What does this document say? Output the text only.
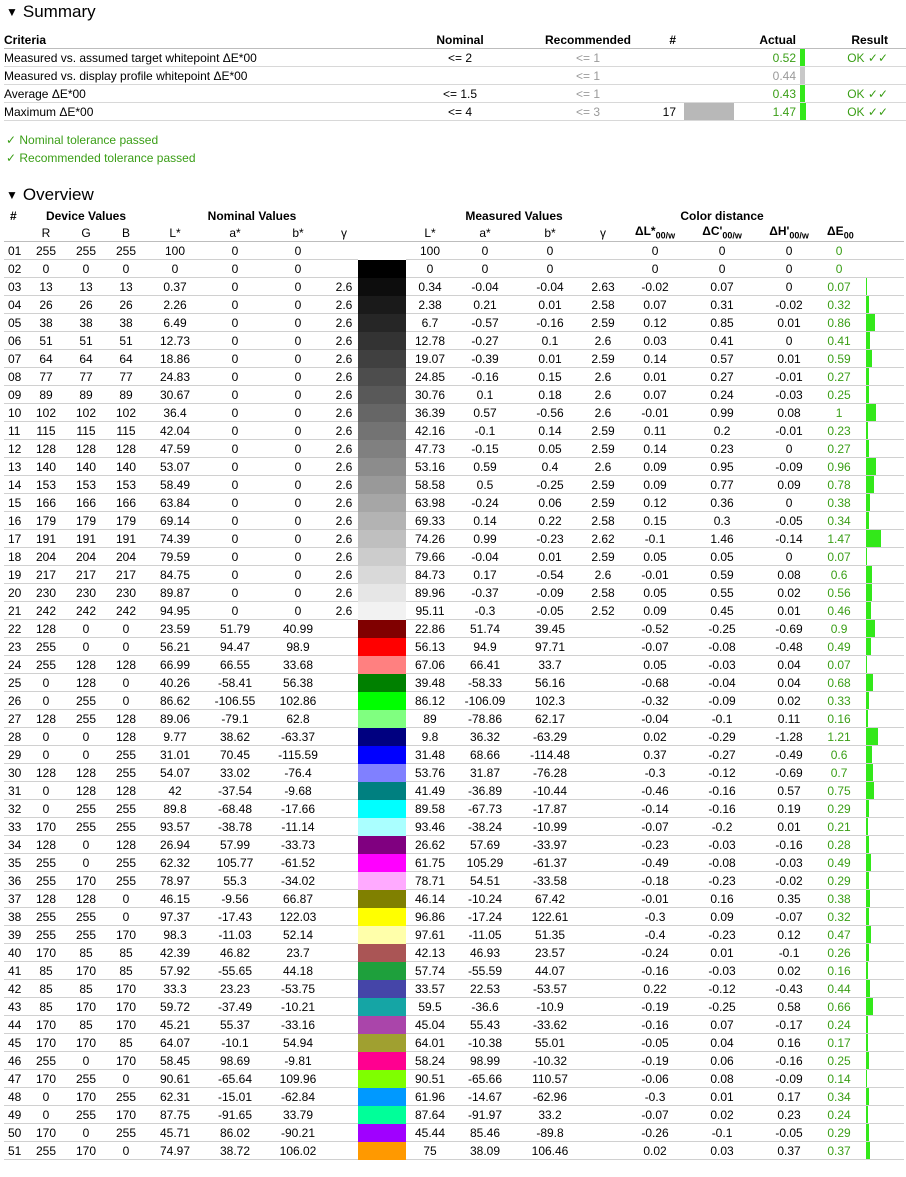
▼ Summary
Criteria	Nominal	Recommended	#		Actual		Result
Measured vs. assumed target whitepoint ΔE*00	<= 2	<= 1			0.52		OK ✓✓
Measured vs. display profile whitepoint ΔE*00		<= 1			0.44		
Average ΔE*00	<= 1.5	<= 1			0.43		OK ✓✓
Maximum ΔE*00	<= 4	<= 3	17		1.47		OK ✓✓
✓ Nominal tolerance passed
✓ Recommended tolerance passed
▼ Overview
#	Device Values			Nominal Values					Measured Values				Color distance			
	R	G	B	L*	a*	b*	γ		L*	a*	b*	γ	$\Delta L*_{00/w}$	$\Delta C'_{00/w}$	$\Delta H'_{00/w}$	$\Delta E_{00}$
01	255	255	255	100	0	0			100	0	0		0	0	0	0

02	0	0	0	0	0	0			0	0	0		0	0	0	0

03	13	13	13	0.37	0	0	2.6		0.34	-0.04	-0.04	2.63	-0.02	0.07	0	0.07

04	26	26	26	2.26	0	0	2.6		2.38	0.21	0.01	2.58	0.07	0.31	-0.02	0.32

05	38	38	38	6.49	0	0	2.6		6.7	-0.57	-0.16	2.59	0.12	0.85	0.01	0.86

06	51	51	51	12.73	0	0	2.6		12.78	-0.27	0.1	2.6	0.03	0.41	0	0.41

07	64	64	64	18.86	0	0	2.6		19.07	-0.39	0.01	2.59	0.14	0.57	0.01	0.59

08	77	77	77	24.83	0	0	2.6		24.85	-0.16	0.15	2.6	0.01	0.27	-0.01	0.27

09	89	89	89	30.67	0	0	2.6		30.76	0.1	0.18	2.6	0.07	0.24	-0.03	0.25

10	102	102	102	36.4	0	0	2.6		36.39	0.57	-0.56	2.6	-0.01	0.99	0.08	1

11	115	115	115	42.04	0	0	2.6		42.16	-0.1	0.14	2.59	0.11	0.2	-0.01	0.23

12	128	128	128	47.59	0	0	2.6		47.73	-0.15	0.05	2.59	0.14	0.23	0	0.27

13	140	140	140	53.07	0	0	2.6		53.16	0.59	0.4	2.6	0.09	0.95	-0.09	0.96

14	153	153	153	58.49	0	0	2.6		58.58	0.5	-0.25	2.59	0.09	0.77	0.09	0.78

15	166	166	166	63.84	0	0	2.6		63.98	-0.24	0.06	2.59	0.12	0.36	0	0.38

16	179	179	179	69.14	0	0	2.6		69.33	0.14	0.22	2.58	0.15	0.3	-0.05	0.34

17	191	191	191	74.39	0	0	2.6		74.26	0.99	-0.23	2.62	-0.1	1.46	-0.14	1.47

18	204	204	204	79.59	0	0	2.6		79.66	-0.04	0.01	2.59	0.05	0.05	0	0.07

19	217	217	217	84.75	0	0	2.6		84.73	0.17	-0.54	2.6	-0.01	0.59	0.08	0.6

20	230	230	230	89.87	0	0	2.6		89.96	-0.37	-0.09	2.58	0.05	0.55	0.02	0.56

21	242	242	242	94.95	0	0	2.6		95.11	-0.3	-0.05	2.52	0.09	0.45	0.01	0.46

22	128	0	0	23.59	51.79	40.99			22.86	51.74	39.45		-0.52	-0.25	-0.69	0.9

23	255	0	0	56.21	94.47	98.9			56.13	94.9	97.71		-0.07	-0.08	-0.48	0.49

24	255	128	128	66.99	66.55	33.68			67.06	66.41	33.7		0.05	-0.03	0.04	0.07

25	0	128	0	40.26	-58.41	56.38			39.48	-58.33	56.16		-0.68	-0.04	0.04	0.68

26	0	255	0	86.62	-106.55	102.86			86.12	-106.09	102.3		-0.32	-0.09	0.02	0.33

27	128	255	128	89.06	-79.1	62.8			89	-78.86	62.17		-0.04	-0.1	0.11	0.16

28	0	0	128	9.77	38.62	-63.37			9.8	36.32	-63.29		0.02	-0.29	-1.28	1.21

29	0	0	255	31.01	70.45	-115.59			31.48	68.66	-114.48		0.37	-0.27	-0.49	0.6

30	128	128	255	54.07	33.02	-76.4			53.76	31.87	-76.28		-0.3	-0.12	-0.69	0.7

31	0	128	128	42	-37.54	-9.68			41.49	-36.89	-10.44		-0.46	-0.16	0.57	0.75

32	0	255	255	89.8	-68.48	-17.66			89.58	-67.73	-17.87		-0.14	-0.16	0.19	0.29

33	170	255	255	93.57	-38.78	-11.14			93.46	-38.24	-10.99		-0.07	-0.2	0.01	0.21

34	128	0	128	26.94	57.99	-33.73			26.62	57.69	-33.97		-0.23	-0.03	-0.16	0.28

35	255	0	255	62.32	105.77	-61.52			61.75	105.29	-61.37		-0.49	-0.08	-0.03	0.49

36	255	170	255	78.97	55.3	-34.02			78.71	54.51	-33.58		-0.18	-0.23	-0.02	0.29

37	128	128	0	46.15	-9.56	66.87			46.14	-10.24	67.42		-0.01	0.16	0.35	0.38

38	255	255	0	97.37	-17.43	122.03			96.86	-17.24	122.61		-0.3	0.09	-0.07	0.32

39	255	255	170	98.3	-11.03	52.14			97.61	-11.05	51.35		-0.4	-0.23	0.12	0.47

40	170	85	85	42.39	46.82	23.7			42.13	46.93	23.57		-0.24	0.01	-0.1	0.26

41	85	170	85	57.92	-55.65	44.18			57.74	-55.59	44.07		-0.16	-0.03	0.02	0.16

42	85	85	170	33.3	23.23	-53.75			33.57	22.53	-53.57		0.22	-0.12	-0.43	0.44

43	85	170	170	59.72	-37.49	-10.21			59.5	-36.6	-10.9		-0.19	-0.25	0.58	0.66

44	170	85	170	45.21	55.37	-33.16			45.04	55.43	-33.62		-0.16	0.07	-0.17	0.24

45	170	170	85	64.07	-10.1	54.94			64.01	-10.38	55.01		-0.05	0.04	0.16	0.17

46	255	0	170	58.45	98.69	-9.81			58.24	98.99	-10.32		-0.19	0.06	-0.16	0.25

47	170	255	0	90.61	-65.64	109.96			90.51	-65.66	110.57		-0.06	0.08	-0.09	0.14

48	0	170	255	62.31	-15.01	-62.84			61.96	-14.67	-62.96		-0.3	0.01	0.17	0.34

49	0	255	170	87.75	-91.65	33.79			87.64	-91.97	33.2		-0.07	0.02	0.23	0.24

50	170	0	255	45.71	86.02	-90.21			45.44	85.46	-89.8		-0.26	-0.1	-0.05	0.29

51	255	170	0	74.97	38.72	106.02			75	38.09	106.46		0.02	0.03	0.37	0.37
